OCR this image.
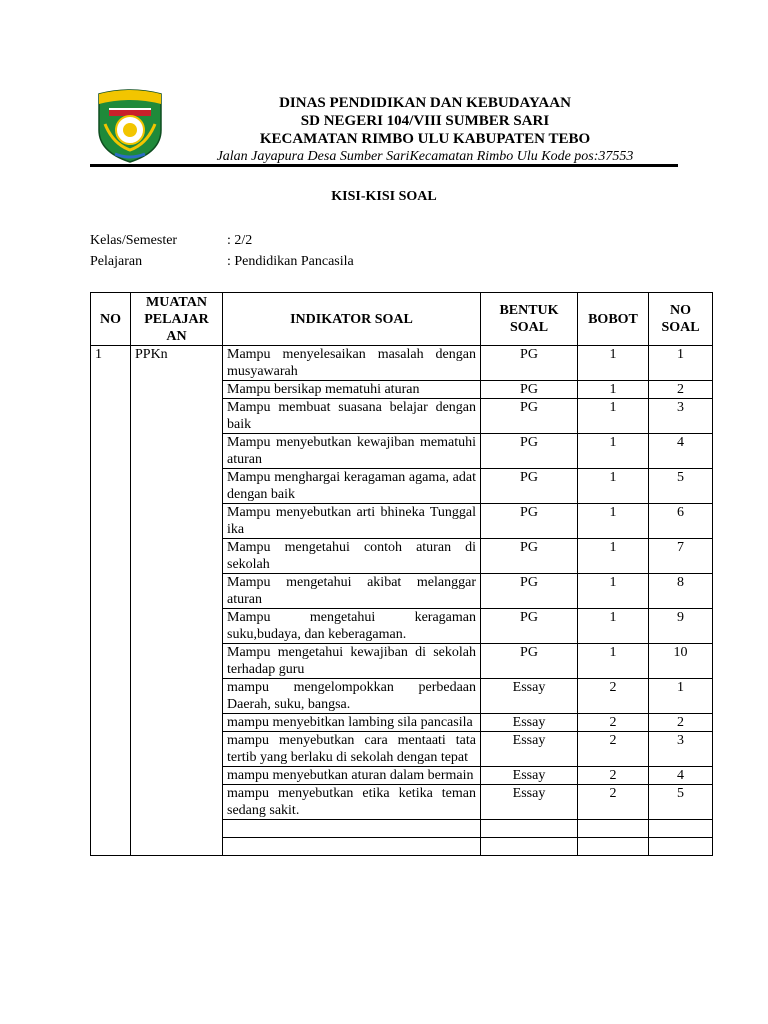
DINAS PENDIDIKAN DAN KEBUDAYAAN
SD NEGERI 104/VIII SUMBER SARI
KECAMATAN RIMBO ULU KABUPATEN TEBO
Jalan Jayapura Desa Sumber SariKecamatan Rimbo Ulu Kode pos:37553
KISI-KISI SOAL
Kelas/Semester	: 2/2
Pelajaran	: Pendidikan Pancasila
NO	MUATAN PELAJAR AN	INDIKATOR SOAL	BENTUK SOAL	BOBOT	NO SOAL
1	PPKn	Mampu menyelesaikan masalah dengan musyawarah	PG	1	1
		Mampu bersikap mematuhi aturan	PG	1	2
		Mampu membuat suasana belajar dengan baik	PG	1	3
		Mampu menyebutkan kewajiban mematuhi aturan	PG	1	4
		Mampu menghargai keragaman agama, adat dengan baik	PG	1	5
		Mampu menyebutkan arti bhineka Tunggal ika	PG	1	6
		Mampu mengetahui contoh aturan di sekolah	PG	1	7
		Mampu mengetahui akibat melanggar aturan	PG	1	8
		Mampu mengetahui keragaman suku,budaya, dan keberagaman.	PG	1	9
		Mampu mengetahui kewajiban di sekolah terhadap guru	PG	1	10
		mampu mengelompokkan perbedaan Daerah, suku, bangsa.	Essay	2	1
		mampu menyebitkan lambing sila pancasila	Essay	2	2
		mampu menyebutkan cara mentaati tata tertib yang berlaku di sekolah dengan tepat	Essay	2	3
		mampu menyebutkan aturan dalam bermain	Essay	2	4
		mampu menyebutkan etika ketika teman sedang sakit.	Essay	2	5
